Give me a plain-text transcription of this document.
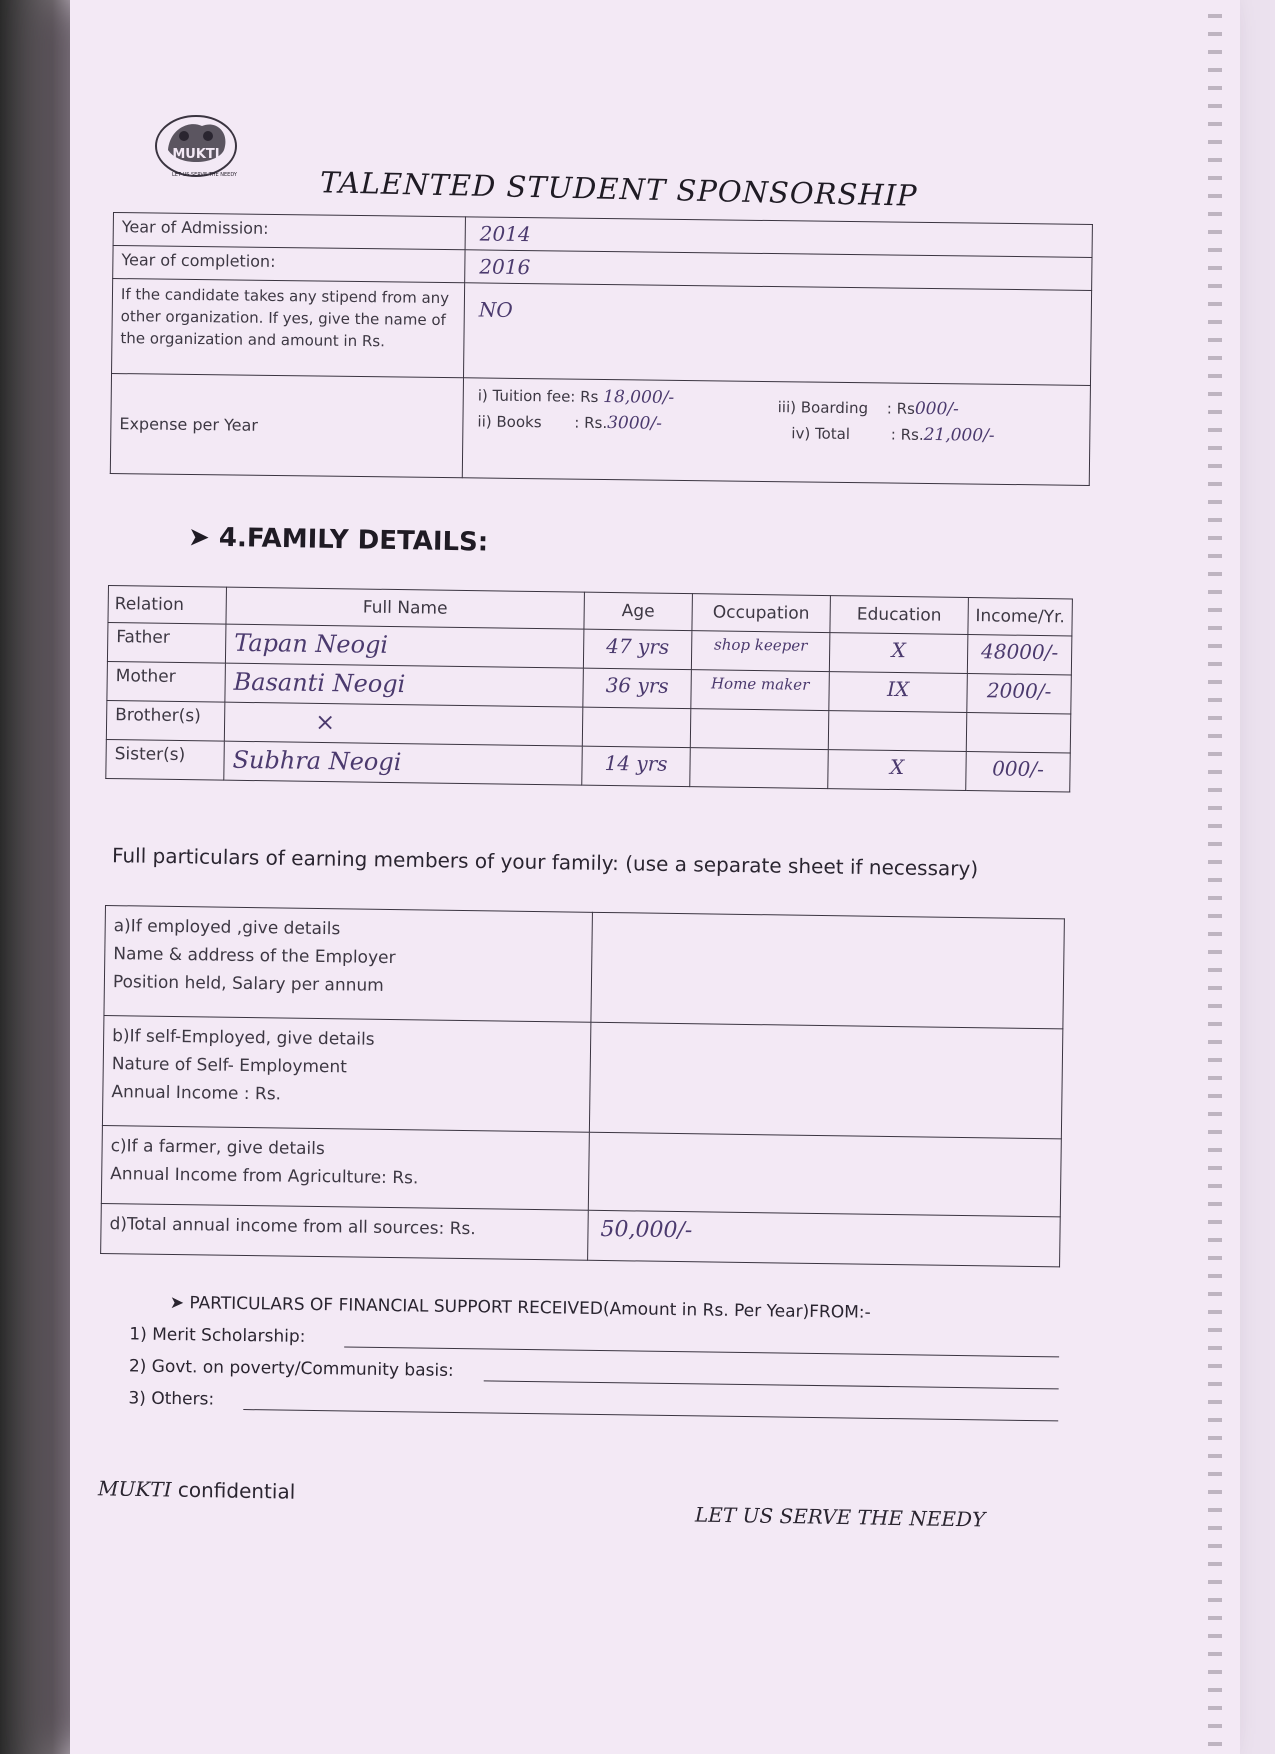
MUKTI
LET US SERVE THE NEEDY	TALENTED STUDENT SPONSORSHIP
Year of Admission:	2014
Year of completion:	2016
If the candidate takes any stipend from any other organization. If yes, give the name of the organization and amount in Rs.	NO
Expense per Year	i) Tuition fee: Rs 18,000/-
ii) Books : Rs.3000/-
iii) Boarding : Rs000/-
iv) Total : Rs.21,000/-
➤ 4.FAMILY DETAILS:
Relation	Full Name	Age	Occupation	Education	Income/Yr.
Father	Tapan Neogi	47 yrs	shop keeper	X	48000/-
Mother	Basanti Neogi	36 yrs	Home maker	IX	2000/-
Brother(s)	×				
Sister(s)	Subhra Neogi	14 yrs		X	000/-
Full particulars of earning members of your family: (use a separate sheet if necessary)
a)If employed ,give details
Name & address of the Employer
Position held, Salary per annum	

b)If self-Employed, give details
Nature of Self- Employment
Annual Income : Rs.	

c)If a farmer, give details
Annual Income from Agriculture: Rs.	

d)Total annual income from all sources: Rs.	50,000/-
➤ PARTICULARS OF FINANCIAL SUPPORT RECEIVED(Amount in Rs. Per Year)FROM:-
1) Merit Scholarship:
2) Govt. on poverty/Community basis:
3) Others:
MUKTI confidential
LET US SERVE THE NEEDY
